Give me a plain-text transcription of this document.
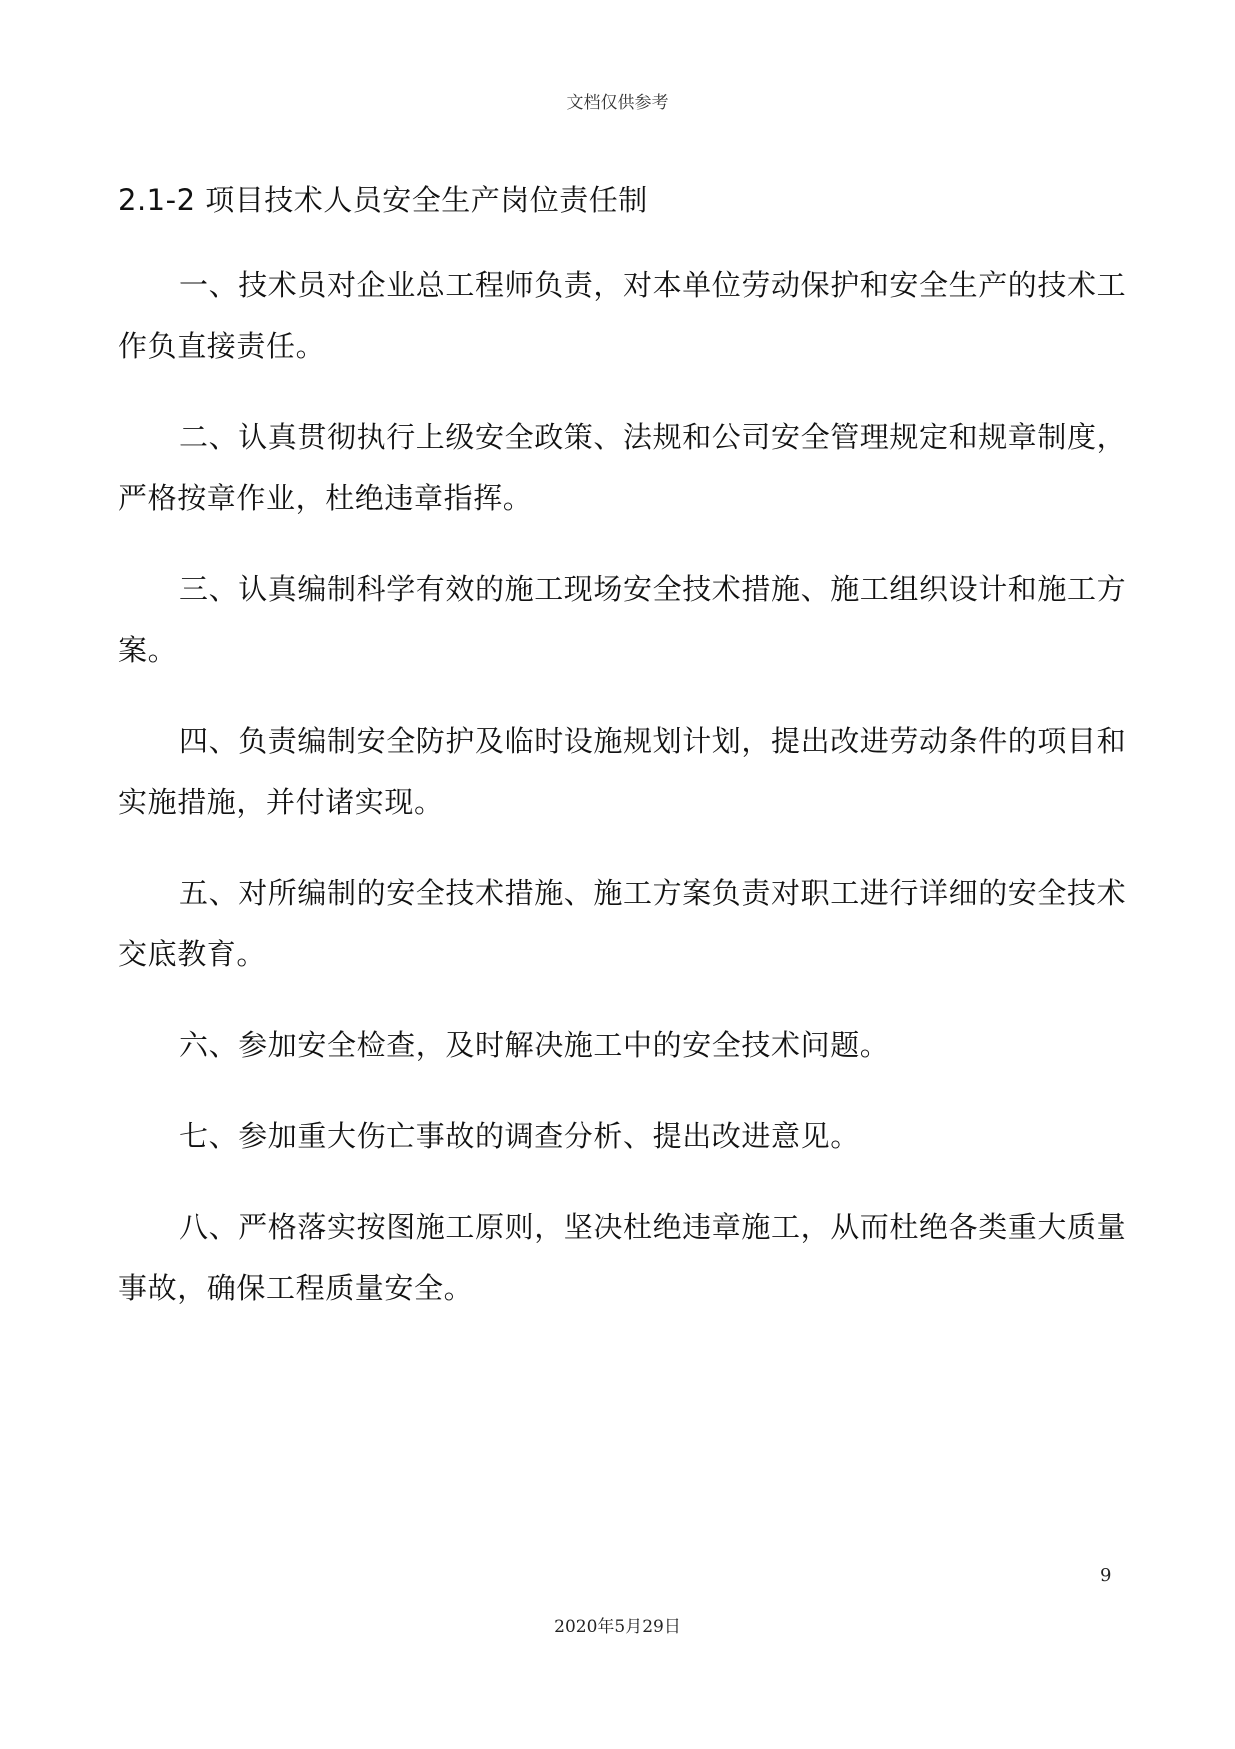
文档仅供参考
2.1-2 项目技术人员安全生产岗位责任制

一、技术员对企业总工程师负责，对本单位劳动保护和安全生产的技术工作负直接责任。

二、认真贯彻执行上级安全政策、法规和公司安全管理规定和规章制度，严格按章作业，杜绝违章指挥。

三、认真编制科学有效的施工现场安全技术措施、施工组织设计和施工方案。

四、负责编制安全防护及临时设施规划计划，提出改进劳动条件的项目和实施措施，并付诸实现。

五、对所编制的安全技术措施、施工方案负责对职工进行详细的安全技术交底教育。

六、参加安全检查，及时解决施工中的安全技术问题。

七、参加重大伤亡事故的调查分析、提出改进意见。

八、严格落实按图施工原则，坚决杜绝违章施工，从而杜绝各类重大质量事故，确保工程质量安全。

9
2020年5月29日
